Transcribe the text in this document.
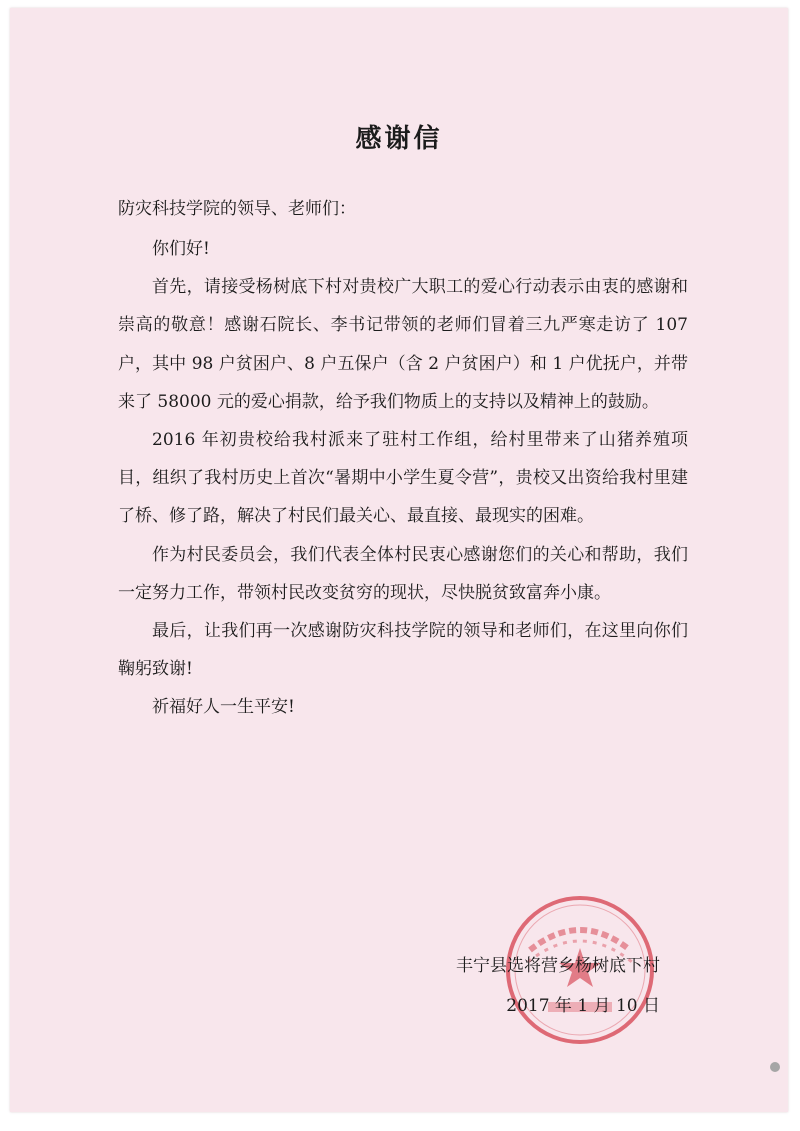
感谢信
防灾科技学院的领导、老师们：

你们好!

首先，请接受杨树底下村对贵校广大职工的爱心行动表示由衷的感谢和崇高的敬意！感谢石院长、李书记带领的老师们冒着三九严寒走访了 107 户，其中 98 户贫困户、8 户五保户（含 2 户贫困户）和 1 户优抚户，并带来了 58000 元的爱心捐款，给予我们物质上的支持以及精神上的鼓励。

2016 年初贵校给我村派来了驻村工作组，给村里带来了山猪养殖项目，组织了我村历史上首次“暑期中小学生夏令营”，贵校又出资给我村里建了桥、修了路，解决了村民们最关心、最直接、最现实的困难。

作为村民委员会，我们代表全体村民衷心感谢您们的关心和帮助，我们一定努力工作，带领村民改变贫穷的现状，尽快脱贫致富奔小康。

最后，让我们再一次感谢防灾科技学院的领导和老师们，在这里向你们鞠躬致谢!

祈福好人一生平安!

丰宁县选将营乡杨树底下村
2017 年 1 月 10 日
